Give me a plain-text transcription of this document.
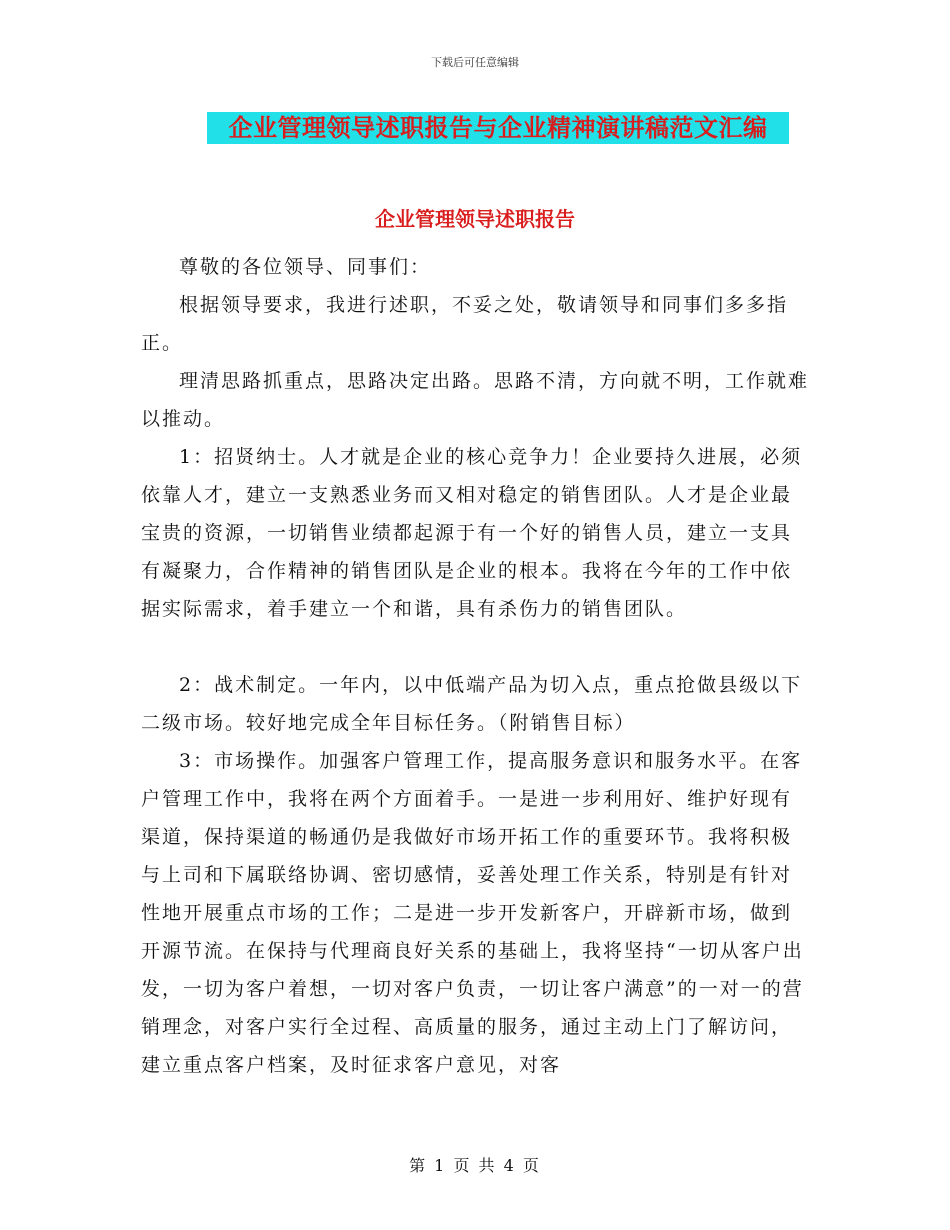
下载后可任意编辑
企业管理领导述职报告与企业精神演讲稿范文汇编
企业管理领导述职报告

尊敬的各位领导、同事们：

根据领导要求，我进行述职，不妥之处，敬请领导和同事们多多指正。

理清思路抓重点，思路决定出路。思路不清，方向就不明，工作就难以推动。

1：招贤纳士。人才就是企业的核心竞争力！企业要持久进展，必须依靠人才，建立一支熟悉业务而又相对稳定的销售团队。人才是企业最宝贵的资源，一切销售业绩都起源于有一个好的销售人员，建立一支具有凝聚力，合作精神的销售团队是企业的根本。我将在今年的工作中依据实际需求，着手建立一个和谐，具有杀伤力的销售团队。

2：战术制定。一年内，以中低端产品为切入点，重点抢做县级以下二级市场。较好地完成全年目标任务。（附销售目标）

3：市场操作。加强客户管理工作，提高服务意识和服务水平。在客户管理工作中，我将在两个方面着手。一是进一步利用好、维护好现有渠道，保持渠道的畅通仍是我做好市场开拓工作的重要环节。我将积极与上司和下属联络协调、密切感情，妥善处理工作关系，特别是有针对性地开展重点市场的工作；二是进一步开发新客户，开辟新市场，做到开源节流。在保持与代理商良好关系的基础上，我将坚持“一切从客户出发，一切为客户着想，一切对客户负责，一切让客户满意”的一对一的营销理念，对客户实行全过程、高质量的服务，通过主动上门了解访问，建立重点客户档案，及时征求客户意见，对客

第 1 页 共 4 页
